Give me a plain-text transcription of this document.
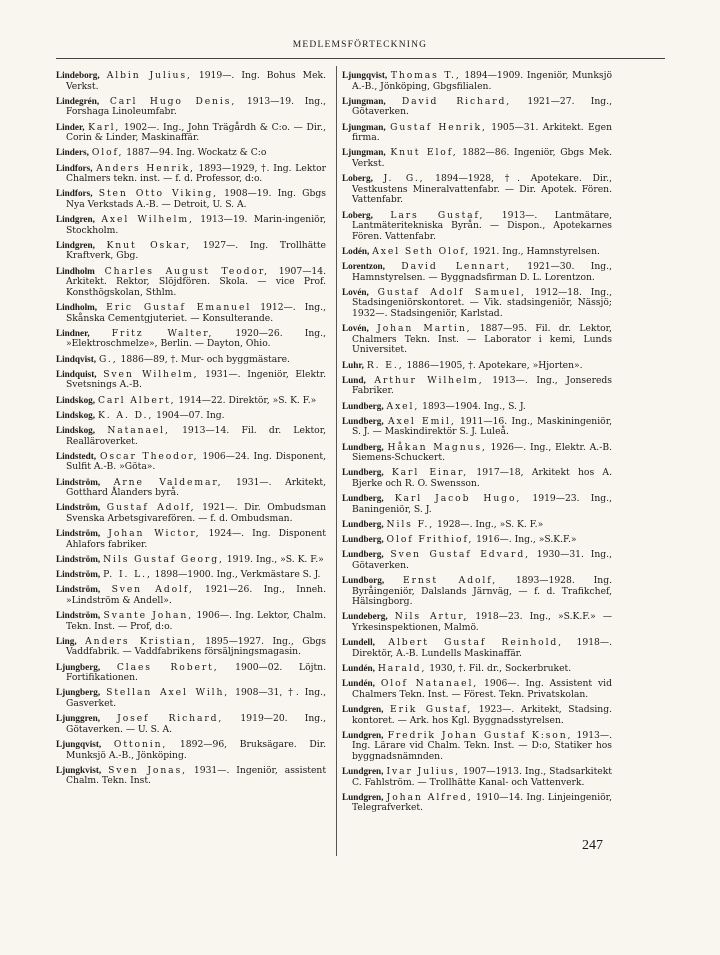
MEDLEMSFÖRTECKNING

Lindeborg, Albin Julius, 1919—. Ing. Bohus Mek. Verkst.

Lindegrén, Carl Hugo Denis, 1913—19. Ing., Forshaga Linoleumfabr.

Linder, Karl, 1902—. Ing., John Trägårdh & C:o. — Dir., Corin & Linder, Maskinaffär.

Linders, Olof, 1887—94. Ing. Wockatz & C:o

Lindfors, Anders Henrik, 1893—1929, †. Ing. Lektor Chalmers tekn. inst. — f. d. Professor, d:o.

Lindfors, Sten Otto Viking, 1908—19. Ing. Gbgs Nya Verkstads A.-B. — Detroit, U. S. A.

Lindgren, Axel Wilhelm, 1913—19. Marin-ingeniör, Stockholm.

Lindgren, Knut Oskar, 1927—. Ing. Trollhätte Kraftverk, Gbg.

Lindholm Charles August Teodor, 1907—14. Arkitekt. Rektor, Slöjdfören. Skola. — vice Prof. Konsthögskolan, Sthlm.

Lindholm, Eric Gustaf Emanuel 1912—. Ing., Skånska Cementgjuteriet. — Konsulterande.

Lindner, Fritz Walter, 1920—26. Ing., »Elektroschmelze», Berlin. — Dayton, Ohio.

Lindqvist, G., 1886—89, †. Mur- och byggmästare.

Lindquist, Sven Wilhelm, 1931—. Ingeniör, Elektr. Svetsnings A.-B.

Lindskog, Carl Albert, 1914—22. Direktör, »S. K. F.»

Lindskog, K. A. D., 1904—07. Ing.

Lindskog, Natanael, 1913—14. Fil. dr. Lektor, Realläroverket.

Lindstedt, Oscar Theodor, 1906—24. Ing. Disponent, Sulfit A.-B. »Göta».

Lindström, Arne Valdemar, 1931—. Arkitekt, Gotthard Ålanders byrå.

Lindström, Gustaf Adolf, 1921—. Dir. Ombudsman Svenska Arbetsgivarefören. — f. d. Ombudsman.

Lindström, Johan Wictor, 1924—. Ing. Disponent Ahlafors fabriker.

Lindström, Nils Gustaf Georg, 1919. Ing., »S. K. F.»

Lindström, P. I. L., 1898—1900. Ing., Verkmästare S. J.

Lindström, Sven Adolf, 1921—26. Ing., Inneh. »Lindström & Andell».

Lindström, Svante Johan, 1906—. Ing. Lektor, Chalm. Tekn. Inst. — Prof, d:o.

Ling, Anders Kristian, 1895—1927. Ing., Gbgs Vaddfabrik. — Vaddfabrikens försäljningsmagasin.

Ljungberg, Claes Robert, 1900—02. Löjtn. Fortifikationen.

Ljungberg, Stellan Axel Wilh, 1908—31, †. Ing., Gasverket.

Ljunggren, Josef Richard, 1919—20. Ing., Götaverken. — U. S. A.

Ljungqvist, Ottonin, 1892—96, Bruksägare. Dir. Munksjö A.-B., Jönköping.

Ljungkvist, Sven Jonas, 1931—. Ingeniör, assistent Chalm. Tekn. Inst.

Ljungqvist, Thomas T., 1894—1909. Ingeniör, Munksjö A.-B., Jönköping, Gbgsfilialen.

Ljungman, David Richard, 1921—27. Ing., Götaverken.

Ljungman, Gustaf Henrik, 1905—31. Arkitekt. Egen firma.

Ljungman, Knut Elof, 1882—86. Ingeniör, Gbgs Mek. Verkst.

Loberg, J. G., 1894—1928, †. Apotekare. Dir., Vestkustens Mineralvattenfabr. — Dir. Apotek. Fören. Vattenfabr.

Loberg, Lars Gustaf, 1913—. Lantmätare, Lantmäteritekniska Byrån. — Dispon., Apotekarnes Fören. Vattenfabr.

Lodén, Axel Seth Olof, 1921. Ing., Hamnstyrelsen.

Lorentzon, David Lennart, 1921—30. Ing., Hamnstyrelsen. — Byggnadsfirman D. L. Lorentzon.

Lovén, Gustaf Adolf Samuel, 1912—18. Ing., Stadsingeniörskontoret. — Vik. stadsingeniör, Nässjö; 1932—. Stadsingeniör, Karlstad.

Lovén, Johan Martin, 1887—95. Fil. dr. Lektor, Chalmers Tekn. Inst. — Laborator i kemi, Lunds Universitet.

Luhr, R. E., 1886—1905, †. Apotekare, »Hjorten».

Lund, Arthur Wilhelm, 1913—. Ing., Jonsereds Fabriker.

Lundberg, Axel, 1893—1904. Ing., S. J.

Lundberg, Axel Emil, 1911—16. Ing., Maskiningeniör, S. J. — Maskindirektör S. J. Luleå.

Lundberg, Håkan Magnus, 1926—. Ing., Elektr. A.-B. Siemens-Schuckert.

Lundberg, Karl Einar, 1917—18, Arkitekt hos A. Bjerke och R. O. Swensson.

Lundberg, Karl Jacob Hugo, 1919—23. Ing., Baningeniör, S. J.

Lundberg, Nils F., 1928—. Ing., »S. K. F.»

Lundberg, Olof Frithiof, 1916—. Ing., »S.K.F.»

Lundberg, Sven Gustaf Edvard, 1930—31. Ing., Götaverken.

Lundborg, Ernst Adolf, 1893—1928. Ing. Byråingeniör, Dalslands Järnväg, — f. d. Trafikchef, Hälsingborg.

Lundeberg, Nils Artur, 1918—23. Ing., »S.K.F.» — Yrkesinspektionen, Malmö.

Lundell, Albert Gustaf Reinhold, 1918—. Direktör, A.-B. Lundells Maskinaffär.

Lundén, Harald, 1930, †. Fil. dr., Sockerbruket.

Lundén, Olof Natanael, 1906—. Ing. Assistent vid Chalmers Tekn. Inst. — Förest. Tekn. Privatskolan.

Lundgren, Erik Gustaf, 1923—. Arkitekt, Stadsing. kontoret. — Ark. hos Kgl. Byggnadsstyrelsen.

Lundgren, Fredrik Johan Gustaf K:son, 1913—. Ing. Lärare vid Chalm. Tekn. Inst. — D:o, Statiker hos byggnadsnämnden.

Lundgren, Ivar Julius, 1907—1913. Ing., Stadsarkitekt C. Fahlström. — Trollhätte Kanal- och Vattenverk.

Lundgren, Johan Alfred, 1910—14. Ing. Linjeingeniör, Telegrafverket.

247
